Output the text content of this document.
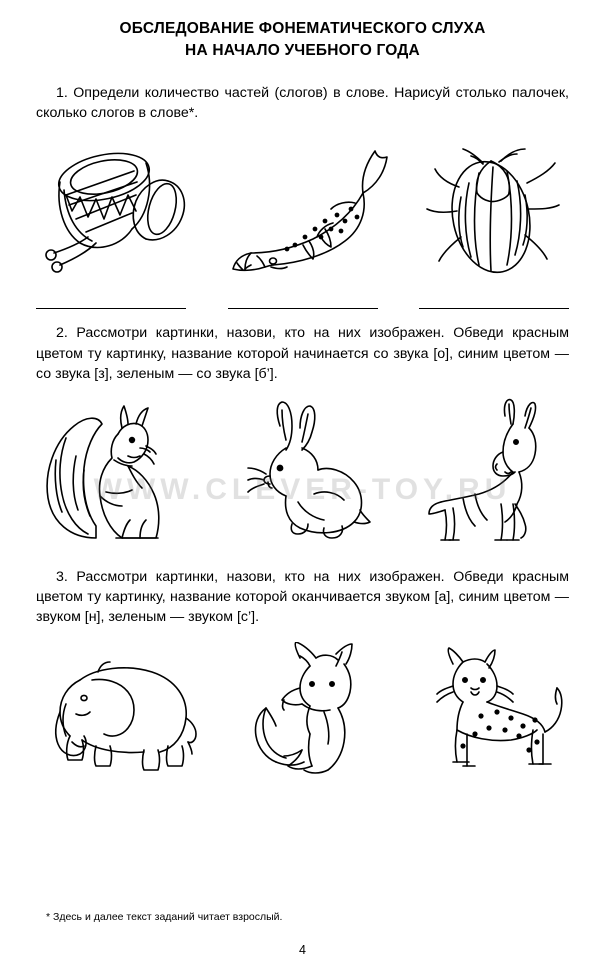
WWW.CLEVER-TOY.RU
ОБСЛЕДОВАНИЕ ФОНЕМАТИЧЕСКОГО СЛУХА
НА НАЧАЛО УЧЕБНОГО ГОДА

1. Определи количество частей (слогов) в слове. Нарисуй столько палочек, сколько слогов в слове*.

2. Рассмотри картинки, назови, кто на них изображен. Обведи красным цветом ту картинку, название которой начинается со звука [о], синим цветом — со звука [з], зеленым — со звука [б’].

3. Рассмотри картинки, назови, кто на них изображен. Обведи красным цветом ту картинку, название которой оканчивается звуком [а], синим цветом — звуком [н], зеленым — звуком [с’].

* Здесь и далее текст заданий читает взрослый.
4
